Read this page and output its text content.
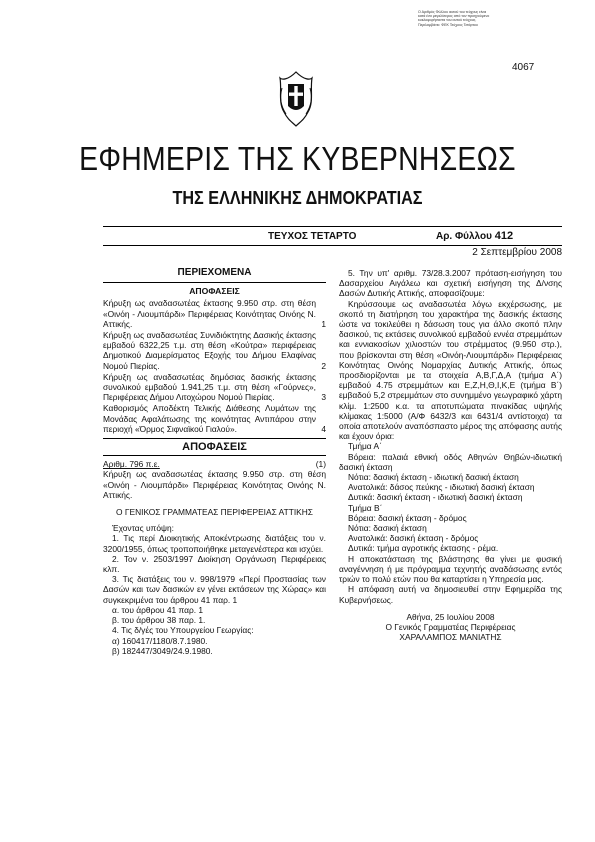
Ο Αριθμός Φύλλου αυτού του τεύχους είναι κατά ένα μεγαλύτερος από τον προηγούμενο κυκλοφορήσαντα του αυτού τεύχους. Περιλαμβάνει: ΦΕΚ Τεύχους Τετάρτου
4067
ΕΦΗΜΕΡΙΣ ΤΗΣ ΚΥΒΕΡΝΗΣΕΩΣ
ΤΗΣ ΕΛΛΗΝΙΚΗΣ ΔΗΜΟΚΡΑΤΙΑΣ
ΤΕΥΧΟΣ ΤΕΤΑΡΤΟ	Αρ. Φύλλου 412
2 Σεπτεμβρίου 2008
ΠΕΡΙΕΧΟΜΕΝΑ
ΑΠΟΦΑΣΕΙΣ
Κήρυξη ως αναδασωτέας έκτασης 9.950 στρ. στη θέση «Οινόη - Λιουμπάρδι» Περιφέρειας Κοινότητας Οινόης Ν. Αττικής.	1
Κήρυξη ως αναδασωτέας Συνιδιόκτητης Δασικής έκτασης εμβαδού 6322,25 τ.μ. στη θέση «Κούτρα» περιφέρειας Δημοτικού Διαμερίσματος Εξοχής του Δήμου Ελαφίνας Νομού Πιερίας.	2
Κήρυξη ως αναδασωτέας δημόσιας δασικής έκτασης συνολικού εμβαδού 1.941,25 τ.μ. στη θέση «Γούρνες», Περιφέρειας Δήμου Λιτοχώρου Νομού Πιερίας.	3
Καθορισμός Αποδέκτη Τελικής Διάθεσης Λυμάτων της Μονάδας Αφαλάτωσης της κοινότητας Αντιπάρου στην περιοχή «Όρμος Σιφναϊκού Γιαλού».	4
ΑΠΟΦΑΣΕΙΣ

Αριθμ. 796 π.ε.	(1)

Κήρυξη ως αναδασωτέας έκτασης 9.950 στρ. στη θέση «Οινόη - Λιουμπάρδι» Περιφέρειας Κοινότητας Οινόης Ν. Αττικής.

Ο ΓΕΝΙΚΟΣ ΓΡΑΜΜΑΤΕΑΣ ΠΕΡΙΦΕΡΕΙΑΣ ΑΤΤΙΚΗΣ

Έχοντας υπόψη:

1. Τις περί Διοικητικής Αποκέντρωσης διατάξεις του ν. 3200/1955, όπως τροποποιήθηκε μεταγενέστερα και ισχύει.

2. Τον ν. 2503/1997 Διοίκηση Οργάνωση Περιφέρειας κλπ.

3. Τις διατάξεις του ν. 998/1979 «Περί Προστασίας των Δασών και των δασικών εν γένει εκτάσεων της Χώρας» και συγκεκριμένα του άρθρου 41 παρ. 1

α. του άρθρου 41 παρ. 1

β. του άρθρου 38 παρ. 1.

4. Τις δ/γές του Υπουργείου Γεωργίας:

α) 160417/1180/8.7.1980.

β) 182447/3049/24.9.1980.

5. Την υπ' αριθμ. 73/28.3.2007 πρόταση-εισήγηση του Δασαρχείου Αιγάλεω και σχετική εισήγηση της Δ/νσης Δασών Δυτικής Αττικής, αποφασίζουμε:

Κηρύσσουμε ως αναδασωτέα λόγω εκχέρσωσης, με σκοπό τη διατήρηση του χαρακτήρα της δασικής έκτασης ώστε να τοκιλεύθει η δάσωση τους για άλλο σκοπό πλην δασικού, τις εκτάσεις συνολικού εμβαδού εννέα στρεμμάτων και εννιακοσίων χιλιοστών του στρέμματος (9.950 στρ.), που βρίσκονται στη θέση «Οινόη-Λιουμπάρδι» Περιφέρειας Κοινότητας Οινόης Νομαρχίας Δυτικής Αττικής, όπως προσδιορίζονται με τα στοιχεία Α,Β,Γ,Δ,Α (τμήμα Α΄) εμβαδού 4.75 στρεμμάτων και Ε,Ζ,Η,Θ,Ι,Κ,Ε (τμήμα Β΄) εμβαδού 5,2 στρεμμάτων στο συνημμένο γεωγραφικό χάρτη κλίμ. 1:2500 κ.α. τα αποτυπώματα πινακίδας υψηλής κλίμακας 1:5000 (Α/Φ 6432/3 και 6431/4 αντίστοιχα) τα οποία αποτελούν αναπόσπαστο μέρος της απόφασης αυτής και έχουν όρια:

Τμήμα Α΄

Βόρεια: παλαιά εθνική οδός Αθηνών Θηβών-ιδιωτική δασική έκταση

Νότια: δασική έκταση - ιδιωτική δασική έκταση

Ανατολικά: δάσος πεύκης - ιδιωτική δασική έκταση

Δυτικά: δασική έκταση - ιδιωτική δασική έκταση

Τμήμα Β΄

Βόρεια: δασική έκταση - δρόμος

Νότια: δασική έκταση

Ανατολικά: δασική έκταση - δρόμος

Δυτικά: τμήμα αγροτικής έκτασης - ρέμα.

Η αποκατάσταση της βλάστησης θα γίνει με φυσική αναγέννηση ή με πρόγραμμα τεχνητής αναδάσωσης εντός τριών το πολύ ετών που θα καταρτίσει η Υπηρεσία μας.

Η απόφαση αυτή να δημοσιευθεί στην Εφημερίδα της Κυβερνήσεως.

Αθήνα, 25 Ιουλίου 2008

Ο Γενικός Γραμματέας Περιφέρειας

ΧΑΡΑΛΑΜΠΟΣ ΜΑΝΙΑΤΗΣ
